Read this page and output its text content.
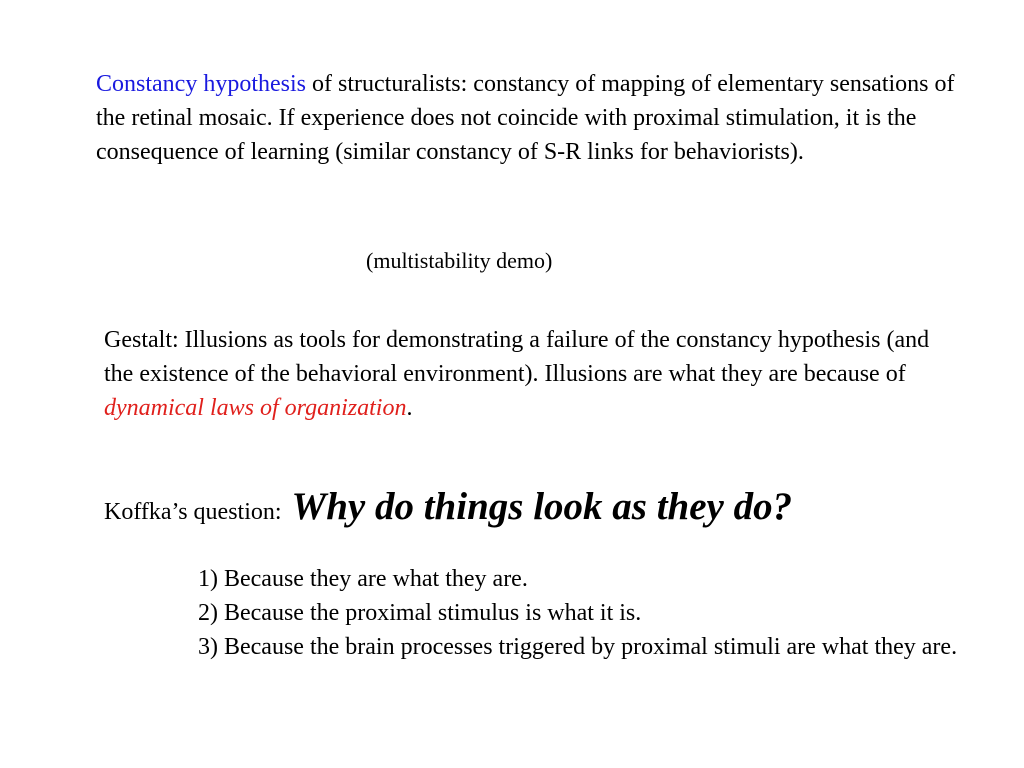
Constancy hypothesis of structuralists: constancy of mapping of elementary sensations of the retinal mosaic. If experience does not coincide with proximal stimulation, it is the consequence of learning (similar constancy of S-R links for behaviorists).

(multistability demo)

Gestalt: Illusions as tools for demonstrating a failure of the constancy hypothesis (and the existence of the behavioral environment). Illusions are what they are because of dynamical laws of organization.

Koffka’s question: Why do things look as they do?

1) Because they are what they are.
2) Because the proximal stimulus is what it is.
3) Because the brain processes triggered by proximal stimuli are what they are.
